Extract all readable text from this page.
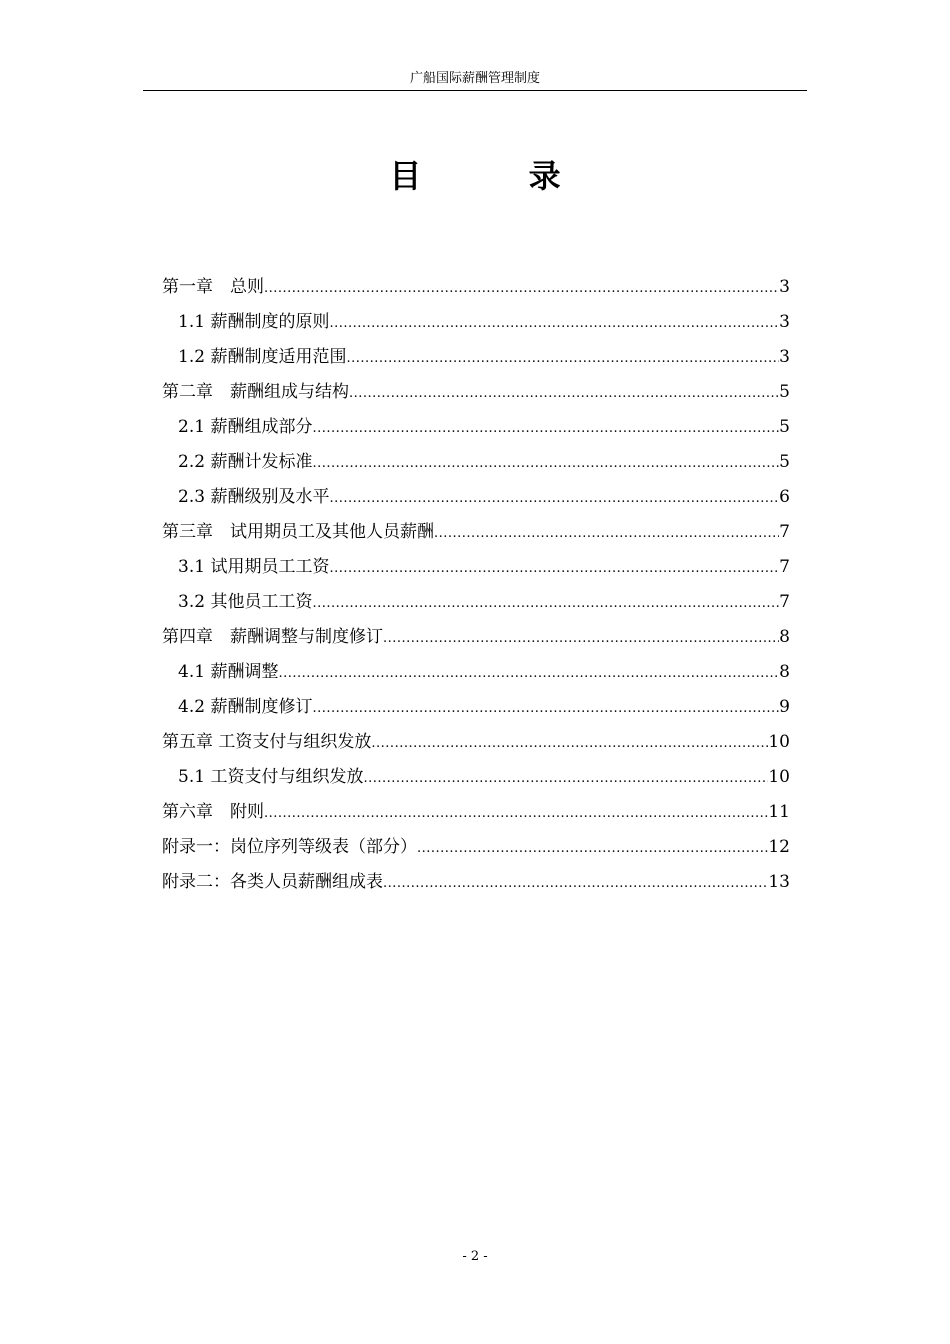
广船国际薪酬管理制度
目 录
第一章　总则 .....	3
1.1 薪酬制度的原则 .....	3
1.2 薪酬制度适用范围 .....	3
第二章　薪酬组成与结构 .....	5
2.1 薪酬组成部分 .....	5
2.2 薪酬计发标准 .....	5
2.3 薪酬级别及水平 .....	6
第三章　试用期员工及其他人员薪酬 .....	7
3.1 试用期员工工资 .....	7
3.2 其他员工工资 .....	7
第四章　薪酬调整与制度修订 .....	8
4.1 薪酬调整 .....	8
4.2 薪酬制度修订 .....	9
第五章 工资支付与组织发放 .....	10
5.1 工资支付与组织发放 .....	10
第六章　附则 .....	11
附录一：岗位序列等级表（部分） .....	12
附录二：各类人员薪酬组成表 .....	13
- 2 -
